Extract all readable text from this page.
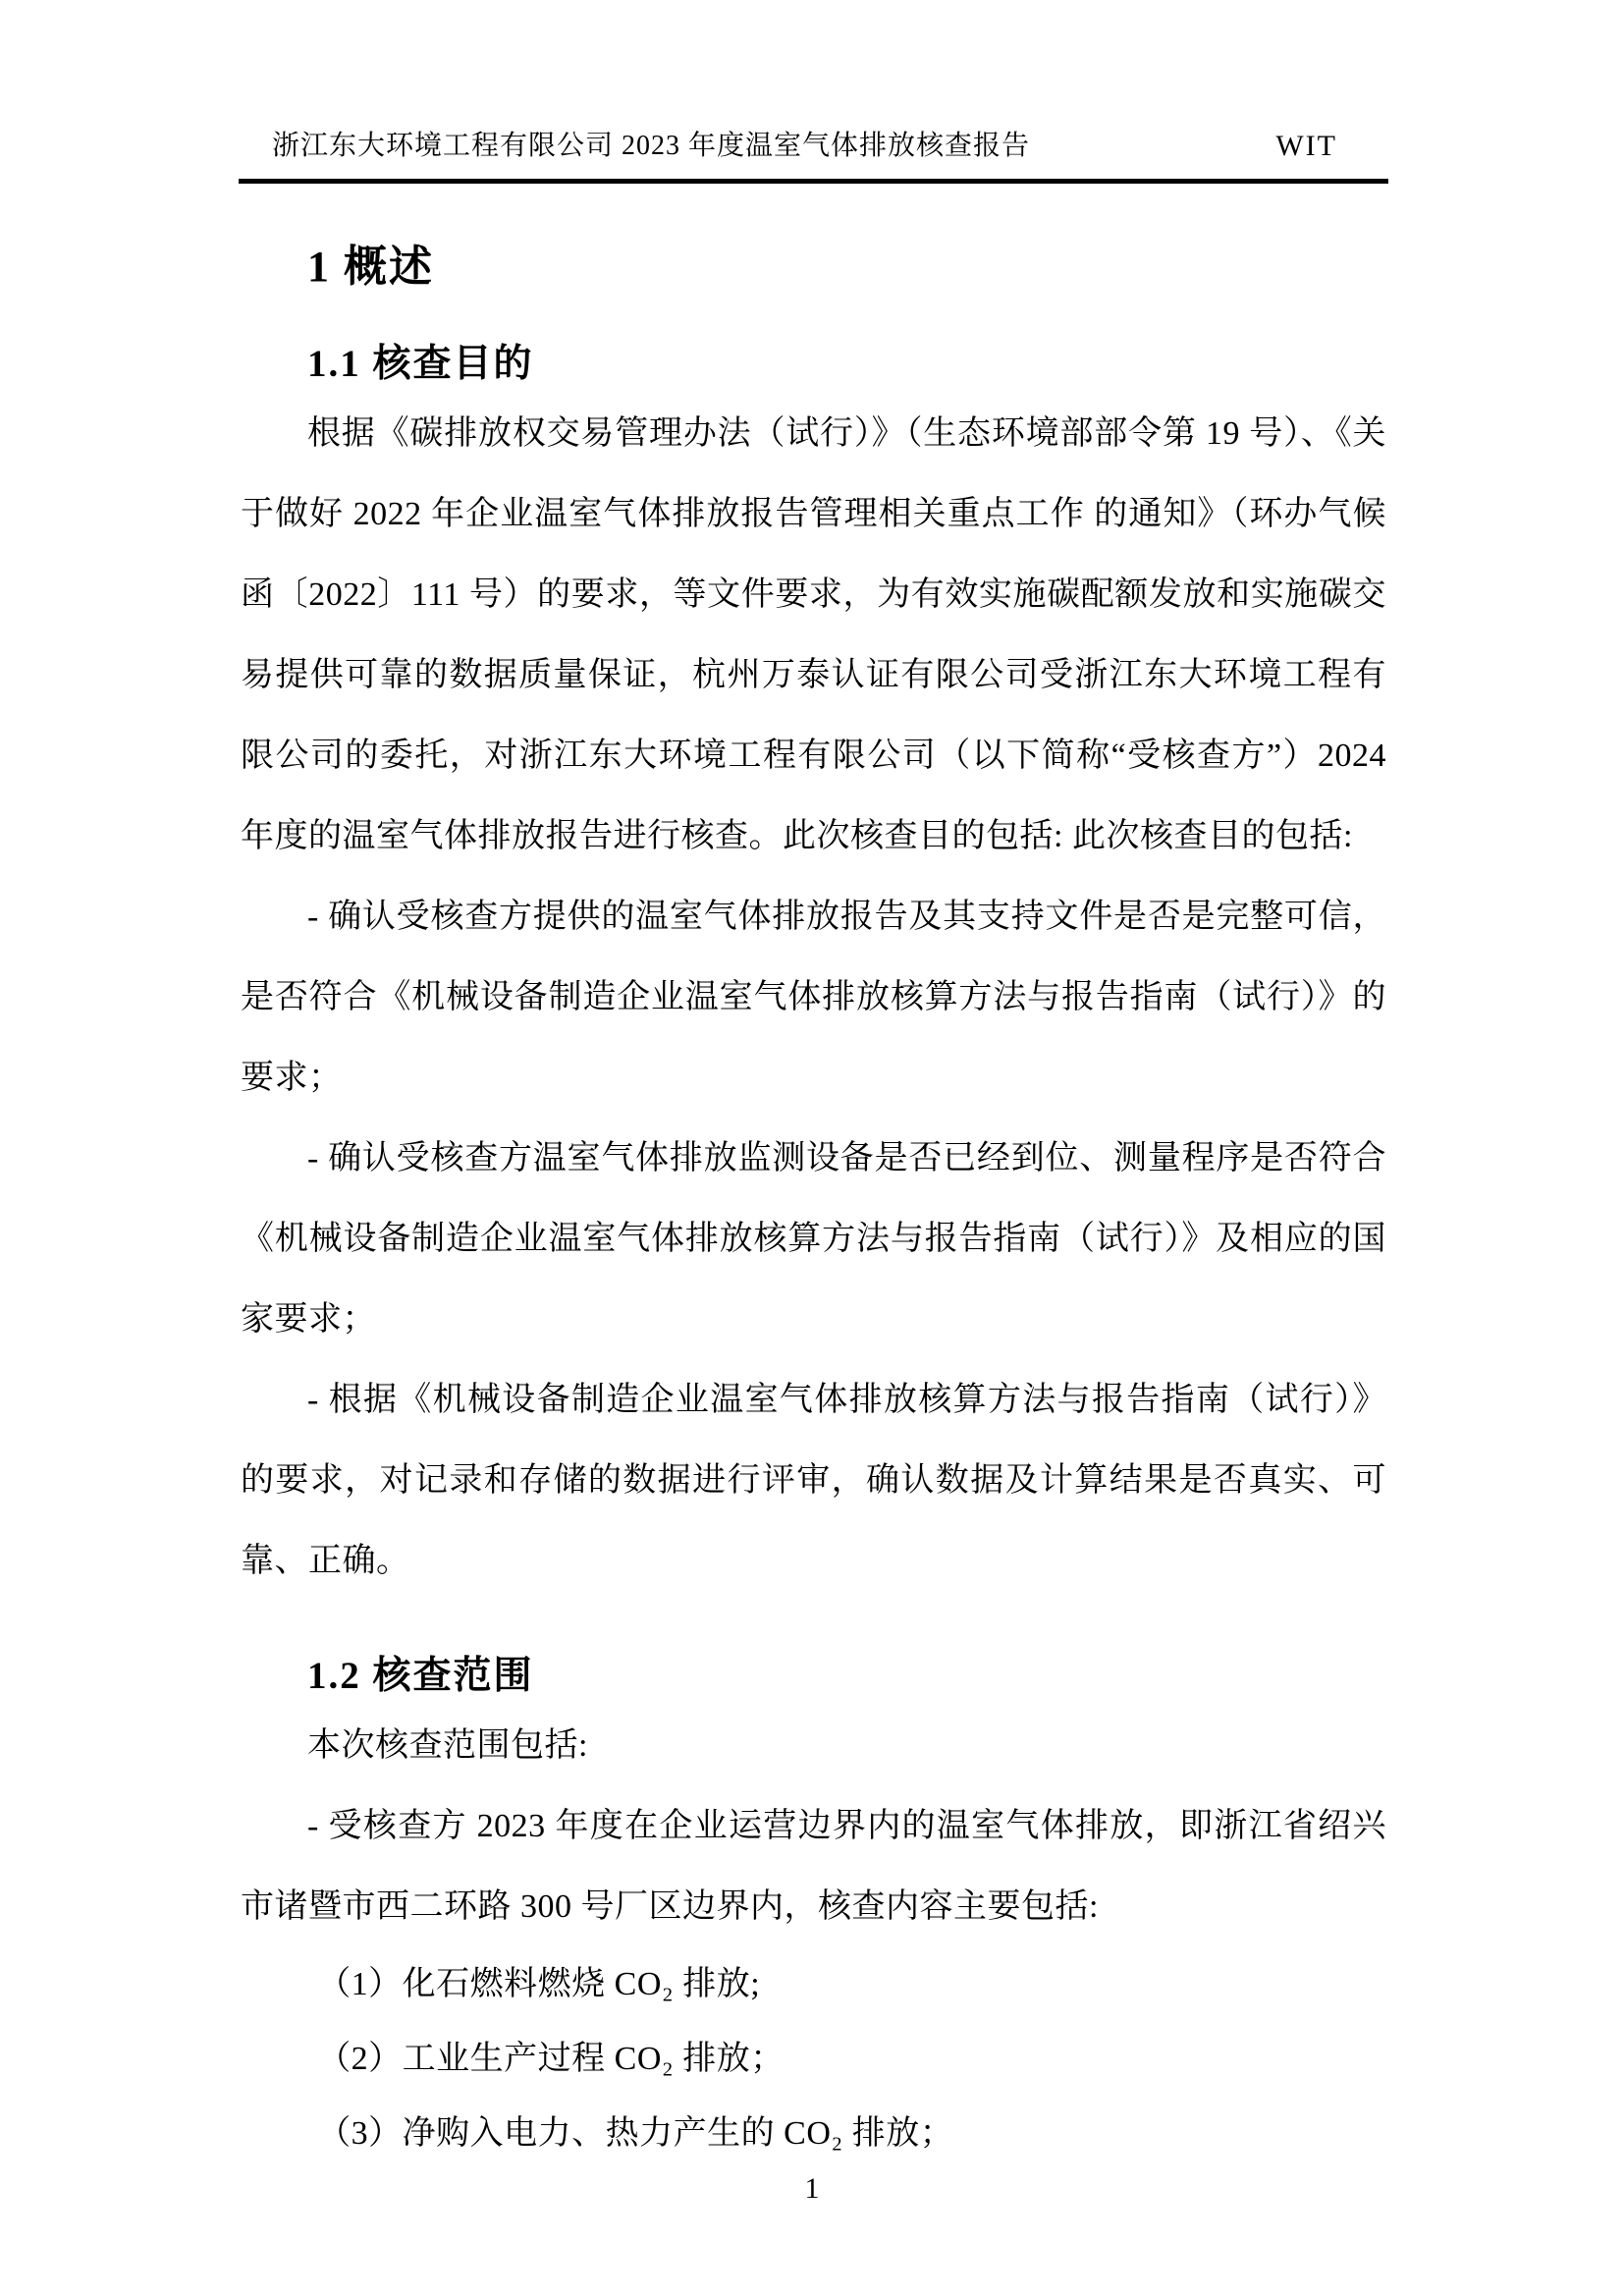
浙江东大环境工程有限公司 2023 年度温室气体排放核查报告	WIT
1 概述
1.1 核查目的

根据《碳排放权交易管理办法（试行）》（生态环境部部令第 19 号）、《关于做好 2022 年企业温室气体排放报告管理相关重点工作 的通知》（环办气候函〔2022〕111 号）的要求，等文件要求，为有效实施碳配额发放和实施碳交易提供可靠的数据质量保证，杭州万泰认证有限公司受浙江东大环境工程有限公司的委托，对浙江东大环境工程有限公司（以下简称“受核查方”）2024 年度的温室气体排放报告进行核查。此次核查目的包括: 此次核查目的包括:

- 确认受核查方提供的温室气体排放报告及其支持文件是否是完整可信，是否符合《机械设备制造企业温室气体排放核算方法与报告指南（试行）》的要求；

- 确认受核查方温室气体排放监测设备是否已经到位、测量程序是否符合《机械设备制造企业温室气体排放核算方法与报告指南（试行）》及相应的国家要求；

- 根据《机械设备制造企业温室气体排放核算方法与报告指南（试行）》的要求，对记录和存储的数据进行评审，确认数据及计算结果是否真实、可靠、正确。

1.2 核查范围

本次核查范围包括:

- 受核查方 2023 年度在企业运营边界内的温室气体排放，即浙江省绍兴市诸暨市西二环路 300 号厂区边界内，核查内容主要包括:

（1）化石燃料燃烧 CO₂ 排放;

（2）工业生产过程 CO₂ 排放；

（3）净购入电力、热力产生的 CO₂ 排放；

1
